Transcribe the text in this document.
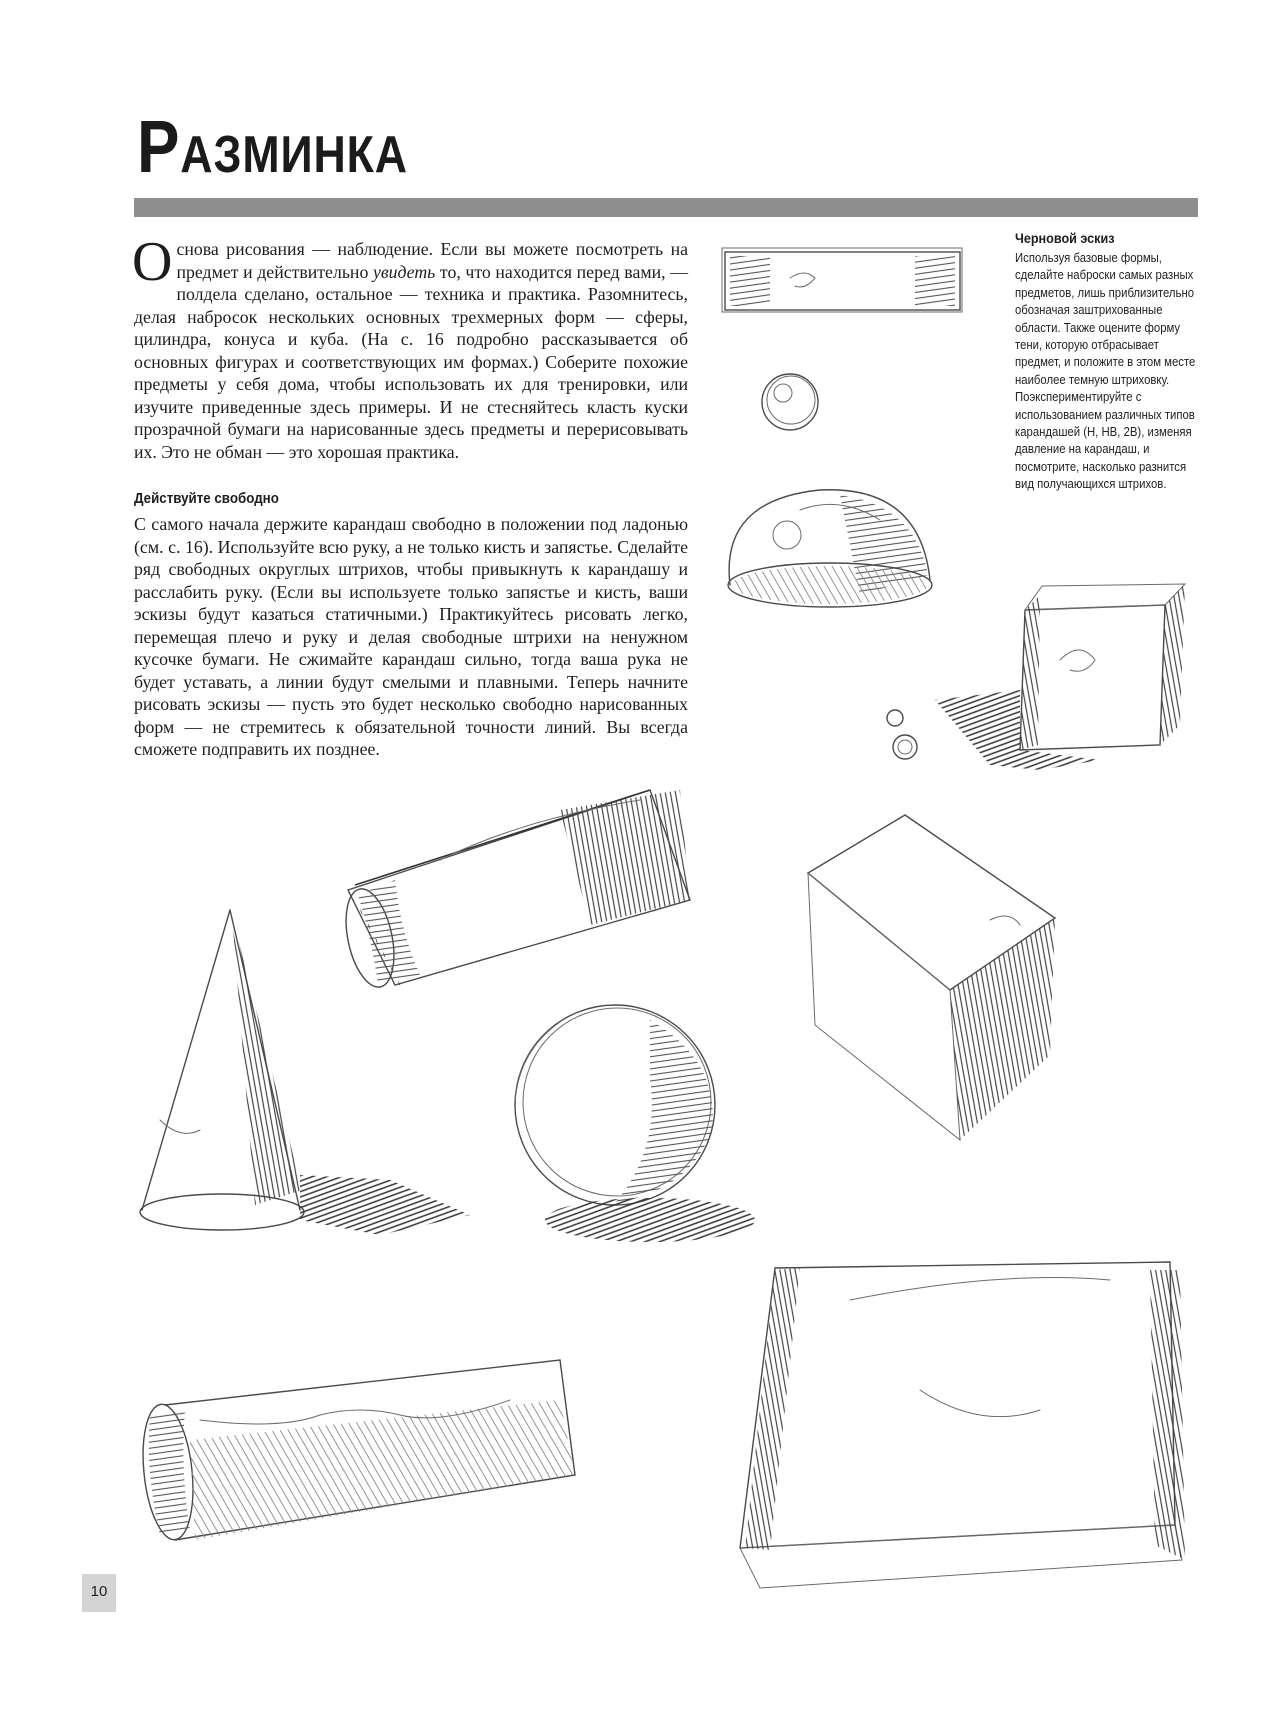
Разминка

Основа рисования — наблюдение. Если вы можете посмотреть на предмет и действительно увидеть то, что находится перед вами, — полдела сделано, остальное — техника и практика. Разомнитесь, делая набросок нескольких основных трехмерных форм — сферы, цилиндра, конуса и куба. (На с. 16 подробно рассказывается об основных фигурах и соответствующих им формах.) Соберите похожие предметы у себя дома, чтобы использовать их для тренировки, или изучите приведенные здесь примеры. И не стесняйтесь класть куски прозрачной бумаги на нарисованные здесь предметы и перерисовывать их. Это не обман — это хорошая практика.

Действуйте свободно

С самого начала держите карандаш свободно в положении под ладонью (см. с. 16). Используйте всю руку, а не только кисть и запястье. Сделайте ряд свободных округлых штрихов, чтобы привыкнуть к карандашу и расслабить руку. (Если вы используете только запястье и кисть, ваши эскизы будут казаться статичными.) Практикуйтесь рисовать легко, перемещая плечо и руку и делая свободные штрихи на ненужном кусочке бумаги. Не сжимайте карандаш сильно, тогда ваша рука не будет уставать, а линии будут смелыми и плавными. Теперь начните рисовать эскизы — пусть это будет несколько свободно нарисованных форм — не стремитесь к обязательной точности линий. Вы всегда сможете подправить их позднее.

Черновой эскиз

Используя базовые формы, сделайте наброски самых разных предметов, лишь приблизительно обозначая заштрихованные области. Также оцените форму тени, которую отбрасывает предмет, и положите в этом месте наиболее темную штриховку. Поэкспериментируйте с использованием различных типов карандашей (H, HB, 2B), изменяя давление на карандаш, и посмотрите, насколько разнится вид получающихся штрихов.

10
